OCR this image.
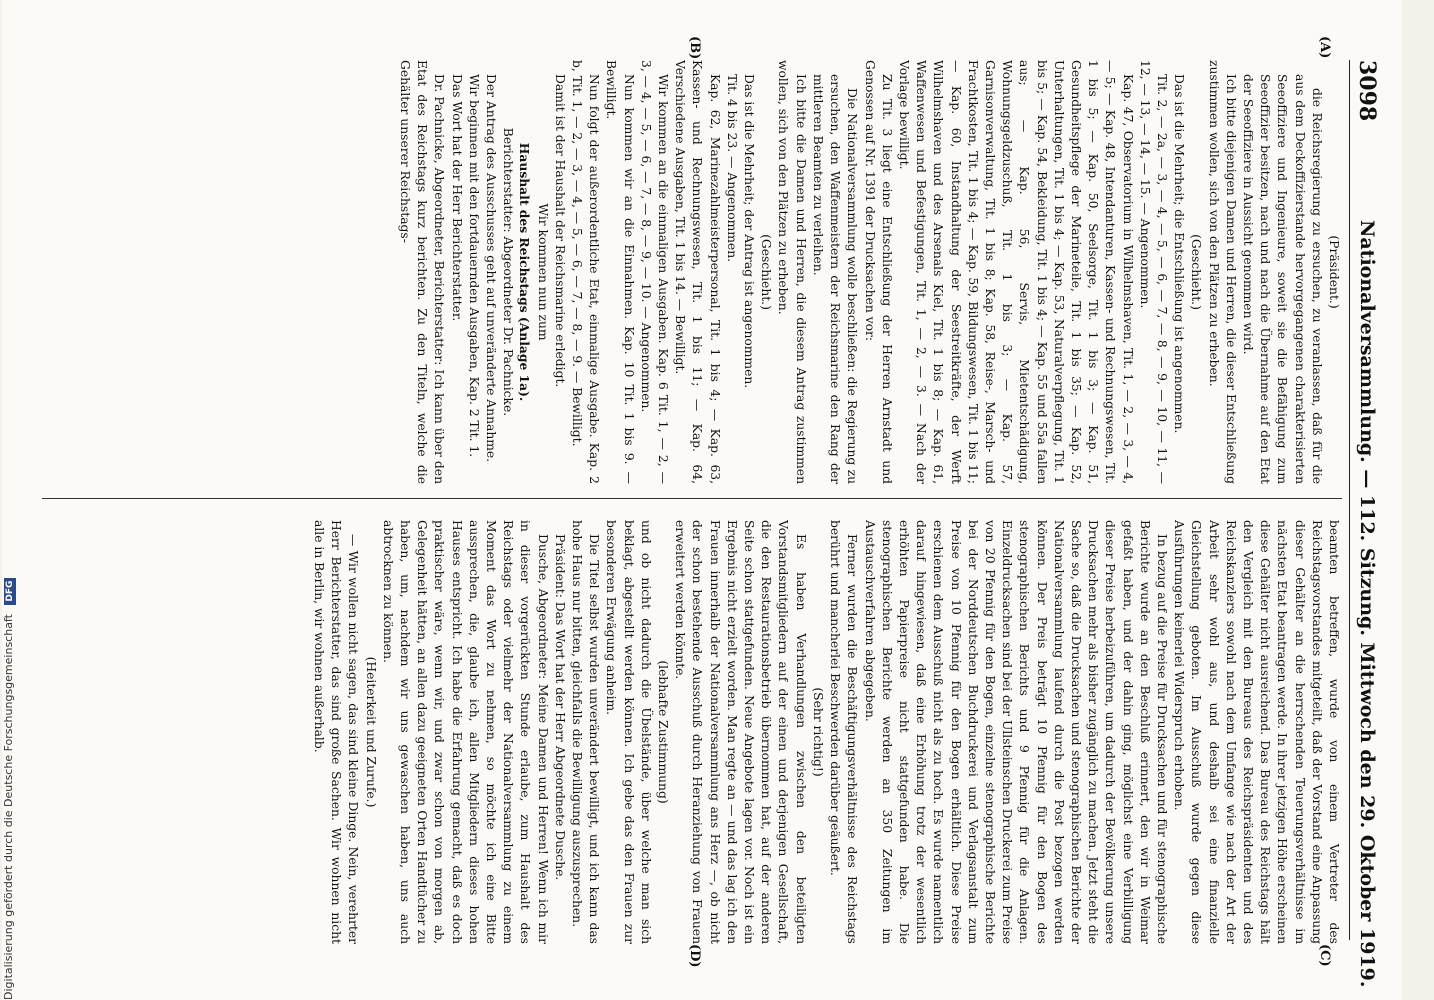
3098
Nationalversammlung. — 112. Sitzung. Mittwoch den 29. Oktober 1919.
(A)
(B)
(C)
(D)

(Präsident.)

die Reichsregierung zu ersuchen, zu veranlassen, daß für die aus dem Deckoffizierstande hervorgegangenen charakterisierten Seeoffiziere und Ingenieure, soweit sie die Befähigung zum Seeoffizier besitzen, nach und nach die Übernahme auf den Etat der Seeoffiziere in Aussicht genommen wird.

Ich bitte diejenigen Damen und Herren, die dieser Entschließung zustimmen wollen, sich von den Plätzen zu erheben.

(Geschieht.)

Das ist die Mehrheit; die Entschließung ist angenommen.

Tit. 2, — 2a, — 3, — 4, — 5, — 6, — 7, — 8, — 9, — 10, — 11, — 12, — 13, — 14, — 15. — Angenommen.

Kap. 47, Observatorium in Wilhelmshaven, Tit. 1, — 2, — 3, — 4, — 5; — Kap. 48, Intendanturen, Kassen- und Rechnungswesen, Tit. 1 bis 5; — Kap. 50, Seelsorge, Tit. 1 bis 3; — Kap. 51, Gesundheitspflege der Marineteile, Tit. 1 bis 35; — Kap. 52, Unterhaltungen, Tit. 1 bis 4; — Kap. 53, Naturalverpflegung, Tit. 1 bis 5; — Kap. 54, Bekleidung, Tit. 1 bis 4; — Kap. 55 und 55a fallen aus; — Kap. 56, Servis, Mietentschädigung, Wohnungsgeldzuschuß, Tit. 1 bis 3; — Kap. 57, Garnisonverwaltung, Tit. 1 bis 8; Kap. 58, Reise-, Marsch- und Frachtkosten, Tit. 1 bis 4; — Kap. 59, Bildungswesen, Tit. 1 bis 11; — Kap. 60, Instandhaltung der Seestreitkräfte, der Werft Wilhelmshaven und des Arsenals Kiel, Tit. 1 bis 8; — Kap. 61, Waffenwesen und Befestigungen, Tit. 1, — 2, — 3. — Nach der Vorlage bewilligt.

Zu Tit. 3 liegt eine Entschließung der Herren Arnstadt und Genossen auf Nr. 1391 der Drucksachen vor:

Die Nationalversammlung wolle beschließen: die Regierung zu ersuchen, den Waffenmeistern der Reichsmarine den Rang der mittleren Beamten zu verleihen.

Ich bitte die Damen und Herren, die diesem Antrag zustimmen wollen, sich von den Plätzen zu erheben.

(Geschieht.)

Das ist die Mehrheit; der Antrag ist angenommen.

Tit. 4 bis 23. — Angenommen.

Kap. 62, Marinezahlmeisterpersonal, Tit. 1 bis 4; — Kap. 63, Kassen- und Rechnungswesen, Tit. 1 bis 11; — Kap. 64, Verschiedene Ausgaben, Tit. 1 bis 14. — Bewilligt.

Wir kommen an die einmaligen Ausgaben. Kap. 6 Tit. 1, — 2, — 3, — 4, — 5, — 6, — 7, — 8, — 9, — 10. — Angenommen.

Nun kommen wir an die Einnahmen. Kap. 10 Tit. 1 bis 9. — Bewilligt.

Nun folgt der außerordentliche Etat, einmalige Ausgabe. Kap. 2 b, Tit. 1, — 2, — 3, — 4, — 5, — 6, — 7, — 8, — 9. — Bewilligt.

Damit ist der Haushalt der Reichsmarine erledigt.

Wir kommen nun zum

Haushalt des Reichstags (Anlage 1a).

Berichterstatter: Abgeordneter Dr. Pachnicke.

Der Antrag des Ausschusses geht auf unveränderte Annahme.

Wir beginnen mit den fortdauernden Ausgaben, Kap. 2 Tit. 1.

Das Wort hat der Herr Berichterstatter.

Dr. Pachnicke, Abgeordneter, Berichterstatter: Ich kann über den Etat des Reichstags kurz berichten. Zu den Titeln, welche die Gehälter unserer Reichstags-

beamten betreffen, wurde von einem Vertreter des Reichstagsvorstandes mitgeteilt, daß der Vorstand eine Anpassung dieser Gehälter an die herrschenden Teuerungsverhältnisse im nächsten Etat beantragen werde. In ihrer jetzigen Höhe erscheinen diese Gehälter nicht ausreichend. Das Bureau des Reichstags hält den Vergleich mit den Bureaus des Reichspräsidenten und des Reichskanzlers sowohl nach dem Umfange wie nach der Art der Arbeit sehr wohl aus, und deshalb sei eine finanzielle Gleichstellung geboten. Im Ausschuß wurde gegen diese Ausführungen keinerlei Widerspruch erhoben.

In bezug auf die Preise für Drucksachen und für stenographische Berichte wurde an den Beschluß erinnert, den wir in Weimar gefaßt haben, und der dahin ging, möglichst eine Verbilligung dieser Preise herbeizuführen, um dadurch der Bevölkerung unsere Drucksachen mehr als bisher zugänglich zu machen. Jetzt steht die Sache so, daß die Drucksachen und stenographischen Berichte der Nationalversammlung laufend durch die Post bezogen werden können. Der Preis beträgt 10 Pfennig für den Bogen des stenographischen Berichts und 9 Pfennig für die Anlagen. Einzeldrucksachen sind bei der Ullsteinschen Druckerei zum Preise von 20 Pfennig für den Bogen, einzelne stenographische Berichte bei der Norddeutschen Buchdruckerei und Verlagsanstalt zum Preise von 10 Pfennig für den Bogen erhältlich. Diese Preise erschienen dem Ausschuß nicht als zu hoch. Es wurde namentlich darauf hingewiesen, daß eine Erhöhung trotz der wesentlich erhöhten Papierpreise nicht stattgefunden habe. Die stenographischen Berichte werden an 350 Zeitungen im Austauschverfahren abgegeben.

Ferner wurden die Beschäftigungsverhältnisse des Reichstags berührt und mancherlei Beschwerden darüber geäußert.

(Sehr richtig!)

Es haben Verhandlungen zwischen den beteiligten Vorstandsmitgliedern auf der einen und derjenigen Gesellschaft, die den Restaurationsbetrieb übernommen hat, auf der anderen Seite schon stattgefunden. Neue Angebote lagen vor. Noch ist ein Ergebnis nicht erzielt worden. Man regte an — und das lag ich den Frauen innerhalb der Nationalversammlung ans Herz —, ob nicht der schon bestehende Ausschuß durch Heranziehung von Frauen erweitert werden könnte.

(lebhafte Zustimmung)

und ob nicht dadurch die Übelstände, über welche man sich beklagt, abgestellt werden können. Ich gebe das den Frauen zur besonderen Erwägung anheim.

Die Titel selbst wurden unverändert bewilligt, und ich kann das hohe Haus nur bitten, gleichfalls die Bewilligung auszusprechen.

Präsident: Das Wort hat der Herr Abgeordnete Dusche.

Dusche, Abgeordneter: Meine Damen und Herren! Wenn ich mir in dieser vorgerückten Stunde erlaube, zum Haushalt des Reichstags oder vielmehr der Nationalversammlung zu einem Moment das Wort zu nehmen, so möchte ich eine Bitte aussprechen, die, glaube ich, allen Mitgliedern dieses hohen Hauses entspricht. Ich habe die Erfahrung gemacht, daß es doch praktischer wäre, wenn wir, und zwar schon von morgen ab, Gelegenheit hätten, an allen dazu geeigneten Orten Handtücher zu haben, um, nachdem wir uns gewaschen haben, uns auch abtrocknen zu können.

(Heiterkeit und Zurufe.)

— Wir wollen nicht sagen, das sind kleine Dinge. Nein, verehrter Herr Berichterstatter, das sind große Sachen. Wir wohnen nicht alle in Berlin, wir wohnen außerhalb.

Digitalisierung gefördert durch die Deutsche Forschungsgemeinschaft DFG
